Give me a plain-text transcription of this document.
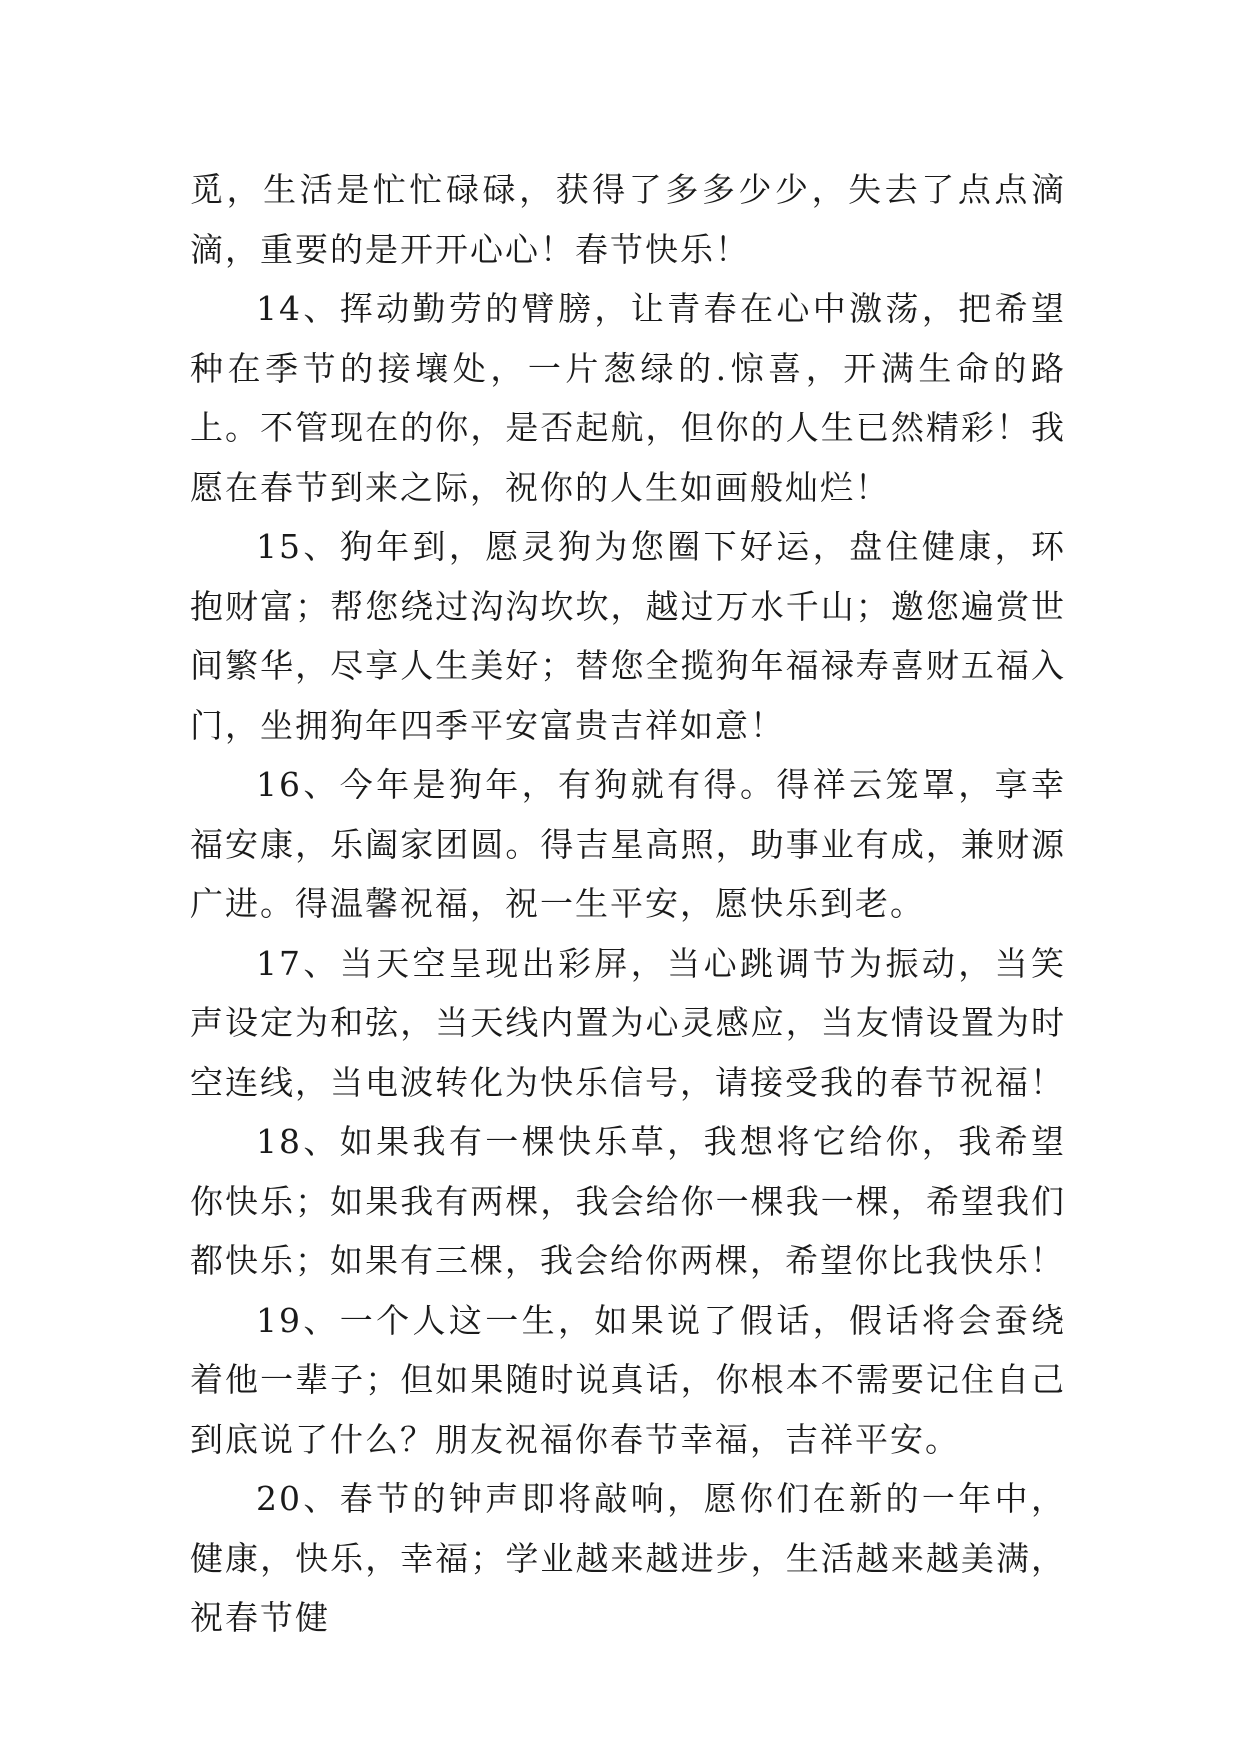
觅，生活是忙忙碌碌，获得了多多少少，失去了点点滴滴，重要的是开开心心！春节快乐！

14、挥动勤劳的臂膀，让青春在心中激荡，把希望种在季节的接壤处，一片葱绿的.惊喜，开满生命的路上。不管现在的你，是否起航，但你的人生已然精彩！我愿在春节到来之际，祝你的人生如画般灿烂！

15、狗年到，愿灵狗为您圈下好运，盘住健康，环抱财富；帮您绕过沟沟坎坎，越过万水千山；邀您遍赏世间繁华，尽享人生美好；替您全揽狗年福禄寿喜财五福入门，坐拥狗年四季平安富贵吉祥如意！

16、今年是狗年，有狗就有得。得祥云笼罩，享幸福安康，乐阖家团圆。得吉星高照，助事业有成，兼财源广进。得温馨祝福，祝一生平安，愿快乐到老。

17、当天空呈现出彩屏，当心跳调节为振动，当笑声设定为和弦，当天线内置为心灵感应，当友情设置为时空连线，当电波转化为快乐信号，请接受我的春节祝福！

18、如果我有一棵快乐草，我想将它给你，我希望你快乐；如果我有两棵，我会给你一棵我一棵，希望我们都快乐；如果有三棵，我会给你两棵，希望你比我快乐！

19、一个人这一生，如果说了假话，假话将会蚕绕着他一辈子；但如果随时说真话，你根本不需要记住自己到底说了什么？朋友祝福你春节幸福，吉祥平安。

20、春节的钟声即将敲响，愿你们在新的一年中，健康，快乐，幸福；学业越来越进步，生活越来越美满，祝春节健
